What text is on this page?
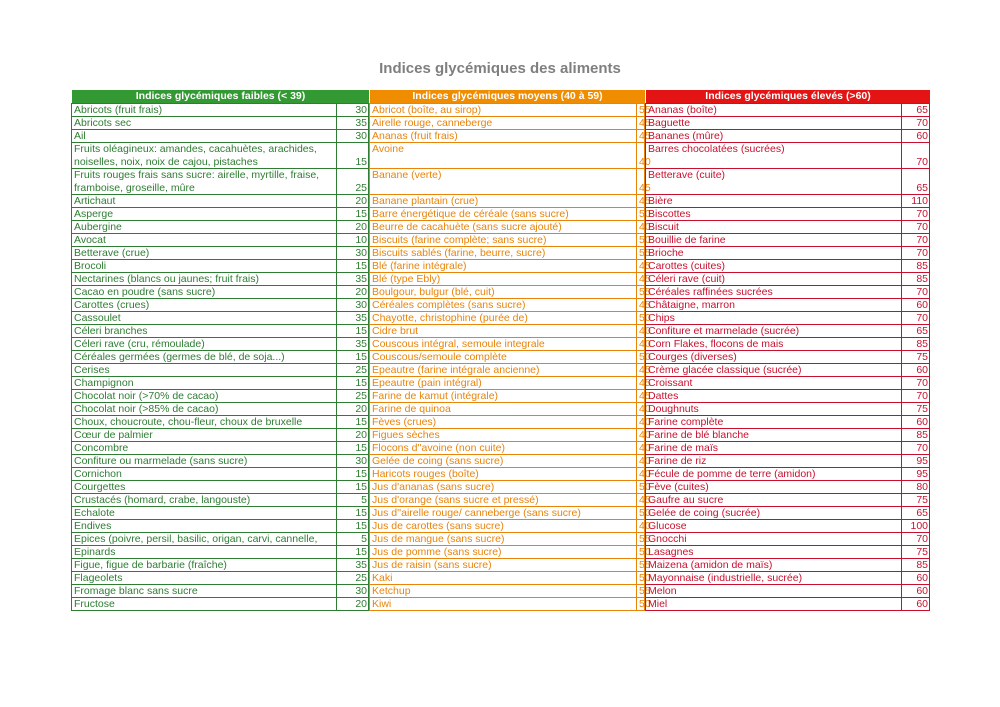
Indices glycémiques des aliments
Indices glycémiques faibles (< 39)	
Abricots (fruit frais)	30
Abricots sec	35
Ail	30
Fruits oléagineux: amandes, cacahuètes, arachides, noiselles, noix, noix de cajou, pistaches	15
Fruits rouges frais sans sucre: airelle, myrtille, fraise, framboise, groseille, mûre	25
Artichaut	20
Asperge	15
Aubergine	20
Avocat	10
Betterave (crue)	30
Brocoli	15
Nectarines (blancs ou jaunes; fruit frais)	35
Cacao en poudre (sans sucre)	20
Carottes (crues)	30
Cassoulet	35
Céleri branches	15
Céleri rave (cru, rémoulade)	35
Céréales germées (germes de blé, de soja...)	15
Cerises	25
Champignon	15
Chocolat noir (>70% de cacao)	25
Chocolat noir (>85% de cacao)	20
Choux, choucroute, chou-fleur, choux de bruxelle	15
Cœur de palmier	20
Concombre	15
Confiture ou marmelade (sans sucre)	30
Cornichon	15
Courgettes	15
Crustacés (homard, crabe, langouste)	5
Echalote	15
Endives	15
Epices (poivre, persil, basilic, origan, carvi, cannelle,	5
Epinards	15
Figue, figue de barbarie (fraîche)	35
Flageolets	25
Fromage blanc sans sucre	30
Fructose	20
Indices glycémiques moyens (40 à 59)	
Abricot (boîte, au sirop)	55
Airelle rouge, canneberge	45
Ananas (fruit frais)	45
Avoine	40
Banane (verte)	45
Banane plantain (crue)	45
Barre énergétique de céréale (sans sucre)	50
Beurre de cacahuète (sans sucre ajouté)	40
Biscuits (farine complète; sans sucre)	50
Biscuits sablés (farine, beurre, sucre)	55
Blé (farine intégrale)	45
Blé (type Ebly)	45
Boulgour, bulgur (blé, cuit)	55
Céréales complètes (sans sucre)	45
Chayotte, christophine (purée de)	50
Cidre brut	40
Couscous intégral, semoule integrale	40
Couscous/semoule complète	50
Epeautre (farine intégrale ancienne)	45
Epeautre (pain intégral)	45
Farine de kamut (intégrale)	45
Farine de quinoa	40
Fèves (crues)	40
Figues sèches	40
Flocons d''avoine (non cuite)	40
Gelée de coing (sans sucre)	40
Haricots rouges (boîte)	40
Jus d'ananas (sans sucre)	50
Jus d'orange (sans sucre et pressé)	45
Jus d''airelle rouge/ canneberge (sans sucre)	50
Jus de carottes (sans sucre)	40
Jus de mangue (sans sucre)	55
Jus de pomme (sans sucre)	50
Jus de raisin (sans sucre)	55
Kaki	50
Ketchup	55
Kiwi	50
Indices glycémiques élevés (>60)	
Ananas (boîte)	65
Baguette	70
Bananes (mûre)	60
Barres chocolatées (sucrées)	70
Betterave (cuite)	65
Bière	110
Biscottes	70
Biscuit	70
Bouillie de farine	70
Brioche	70
Carottes (cuites)	85
Céleri rave (cuit)	85
Céréales raffinées sucrées	70
Châtaigne, marron	60
Chips	70
Confiture et marmelade (sucrée)	65
Corn Flakes, flocons de mais	85
Courges (diverses)	75
Crème glacée classique (sucrée)	60
Croissant	70
Dattes	70
Doughnuts	75
Farine complète	60
Farine de blé blanche	85
Farine de maïs	70
Farine de riz	95
Fécule de pomme de terre (amidon)	95
Fève (cuites)	80
Gaufre au sucre	75
Gelée de coing (sucrée)	65
Glucose	100
Gnocchi	70
Lasagnes	75
Maizena (amidon de maïs)	85
Mayonnaise (industrielle, sucrée)	60
Melon	60
Miel	60
